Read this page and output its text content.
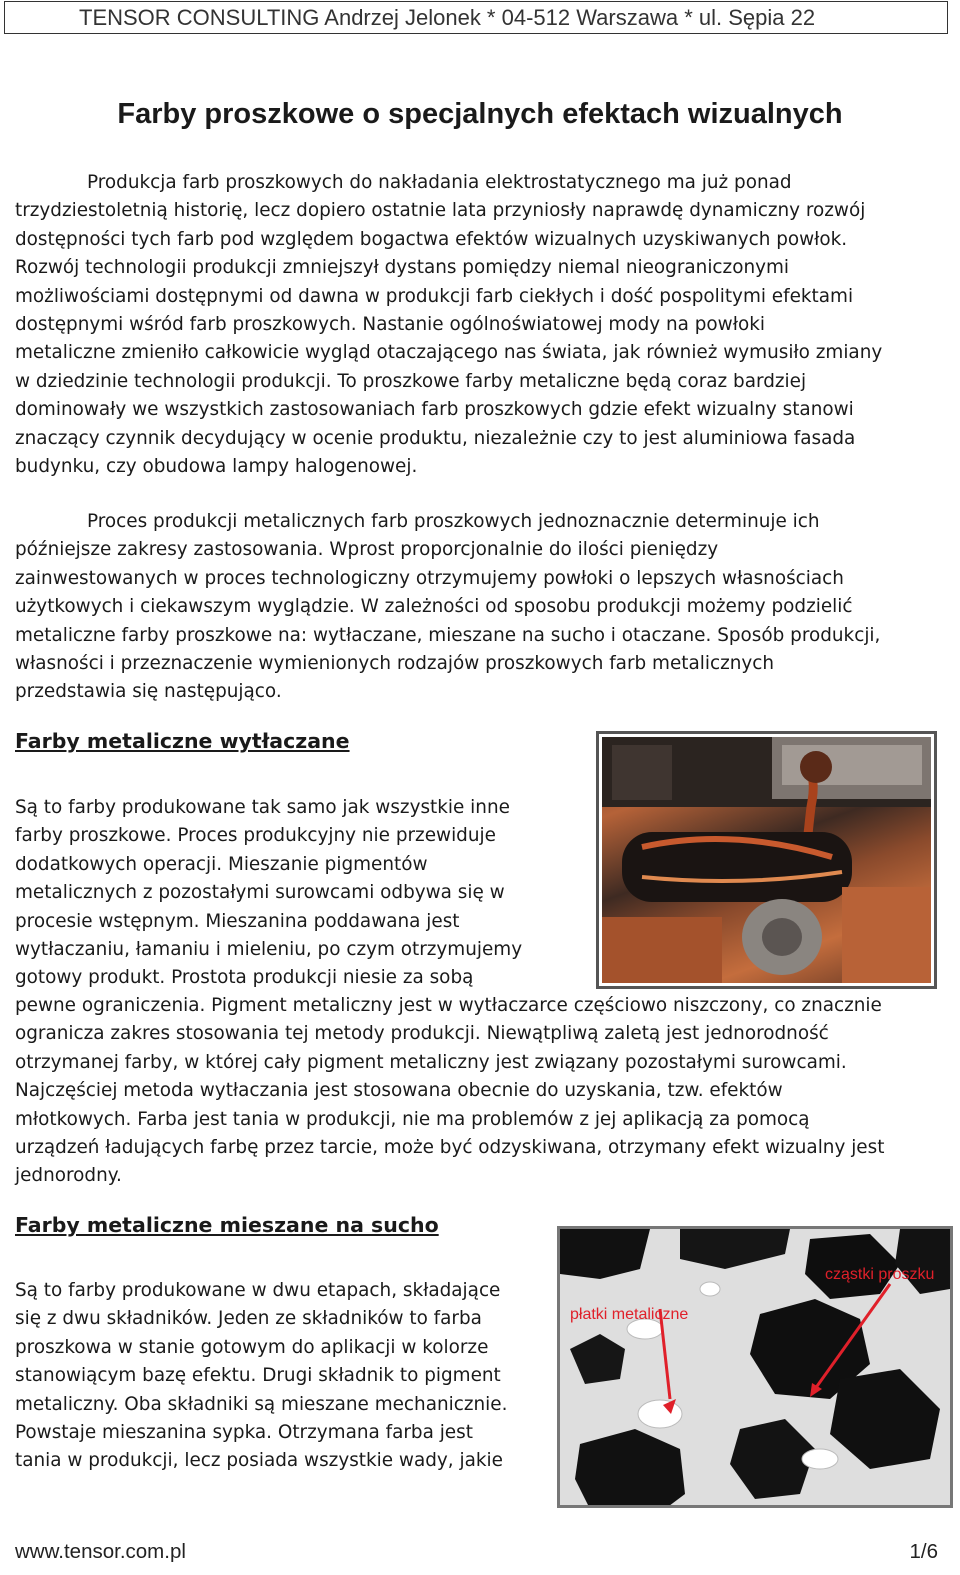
TENSOR CONSULTING Andrzej Jelonek * 04-512 Warszawa * ul. Sępia 22
Farby proszkowe o specjalnych efektach wizualnych
Produkcja farb proszkowych do nakładania elektrostatycznego ma już ponad
trzydziestoletnią historię, lecz dopiero ostatnie lata przyniosły naprawdę dynamiczny rozwój
dostępności tych farb pod względem bogactwa efektów wizualnych uzyskiwanych powłok.
Rozwój technologii produkcji zmniejszył dystans pomiędzy niemal nieograniczonymi
możliwościami dostępnymi od dawna w produkcji farb ciekłych i dość pospolitymi efektami
dostępnymi wśród farb proszkowych. Nastanie ogólnoświatowej mody na powłoki
metaliczne zmieniło całkowicie wygląd otaczającego nas świata, jak również wymusiło zmiany
w dziedzinie technologii produkcji. To proszkowe farby metaliczne będą coraz bardziej
dominowały we wszystkich zastosowaniach farb proszkowych gdzie efekt wizualny stanowi
znaczący czynnik decydujący w ocenie produktu, niezależnie czy to jest aluminiowa fasada
budynku, czy obudowa lampy halogenowej.
Proces produkcji metalicznych farb proszkowych jednoznacznie determinuje ich
późniejsze zakresy zastosowania. Wprost proporcjonalnie do ilości pieniędzy
zainwestowanych w proces technologiczny otrzymujemy powłoki o lepszych własnościach
użytkowych i ciekawszym wyglądzie. W zależności od sposobu produkcji możemy podzielić
metaliczne farby proszkowe na: wytłaczane, mieszane na sucho i otaczane. Sposób produkcji,
własności i przeznaczenie wymienionych rodzajów proszkowych farb metalicznych
przedstawia się następująco.
Farby metaliczne wytłaczane
Są to farby produkowane tak samo jak wszystkie inne
farby proszkowe. Proces produkcyjny nie przewiduje
dodatkowych operacji. Mieszanie pigmentów
metalicznych z pozostałymi surowcami odbywa się w
procesie wstępnym. Mieszanina poddawana jest
wytłaczaniu, łamaniu i mieleniu, po czym otrzymujemy
gotowy produkt. Prostota produkcji niesie za sobą
pewne ograniczenia. Pigment metaliczny jest w wytłaczarce częściowo niszczony, co znacznie
ogranicza zakres stosowania tej metody produkcji. Niewątpliwą zaletą jest jednorodność
otrzymanej farby, w której cały pigment metaliczny jest związany pozostałymi surowcami.
Najczęściej metoda wytłaczania jest stosowana obecnie do uzyskania, tzw. efektów
młotkowych. Farba jest tania w produkcji, nie ma problemów z jej aplikacją za pomocą
urządzeń ładujących farbę przez tarcie, może być odzyskiwana, otrzymany efekt wizualny jest
jednorodny.
Farby metaliczne mieszane na sucho
Są to farby produkowane w dwu etapach, składające
się z dwu składników. Jeden ze składników to farba
proszkowa w stanie gotowym do aplikacji w kolorze
stanowiącym bazę efektu. Drugi składnik to pigment
metaliczny. Oba składniki są mieszane mechanicznie.
Powstaje mieszanina sypka. Otrzymana farba jest
tania w produkcji, lecz posiada wszystkie wady, jakie
cząstki proszku
płatki metaliczne
www.tensor.com.pl	1/6
